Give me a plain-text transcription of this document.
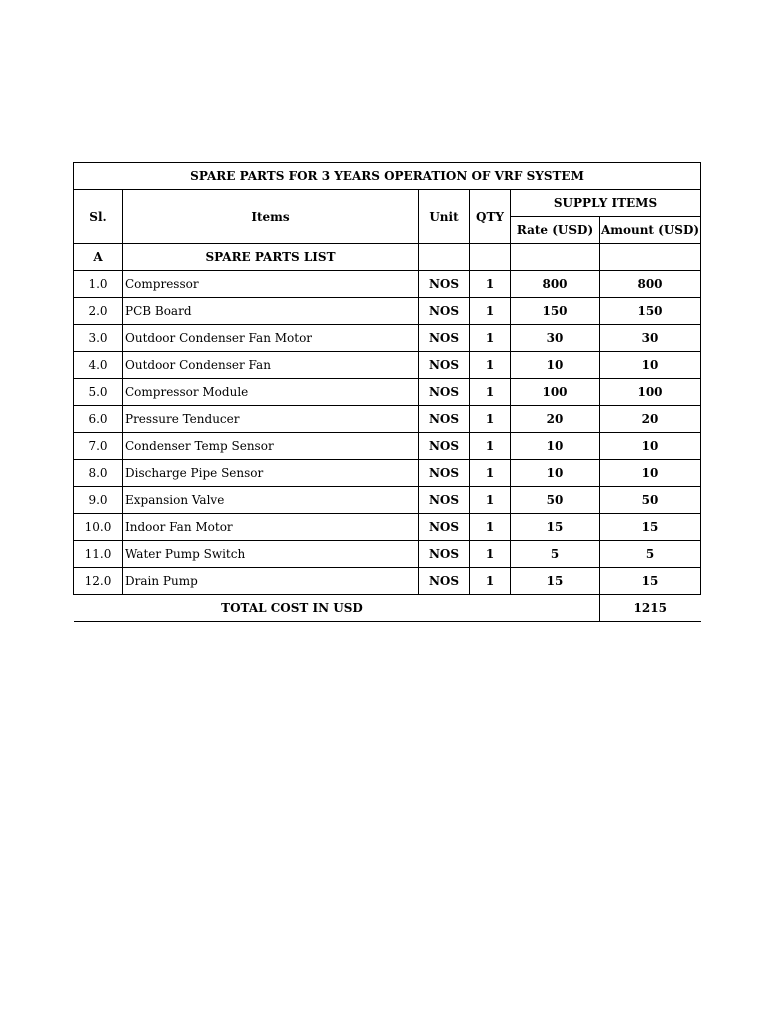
SPARE PARTS FOR 3 YEARS OPERATION OF VRF SYSTEM					
Sl.	Items	Unit	QTY	SUPPLY ITEMS	
				Rate (USD)	Amount (USD)
A	SPARE PARTS LIST				
1.0	Compressor	NOS	1	800	800
2.0	PCB Board	NOS	1	150	150
3.0	Outdoor Condenser Fan Motor	NOS	1	30	30
4.0	Outdoor Condenser Fan	NOS	1	10	10
5.0	Compressor Module	NOS	1	100	100
6.0	Pressure Tenducer	NOS	1	20	20
7.0	Condenser Temp Sensor	NOS	1	10	10
8.0	Discharge Pipe Sensor	NOS	1	10	10
9.0	Expansion Valve	NOS	1	50	50
10.0	Indoor Fan Motor	NOS	1	15	15
11.0	Water Pump Switch	NOS	1	5	5
12.0	Drain Pump	NOS	1	15	15
TOTAL COST IN USD					1215
